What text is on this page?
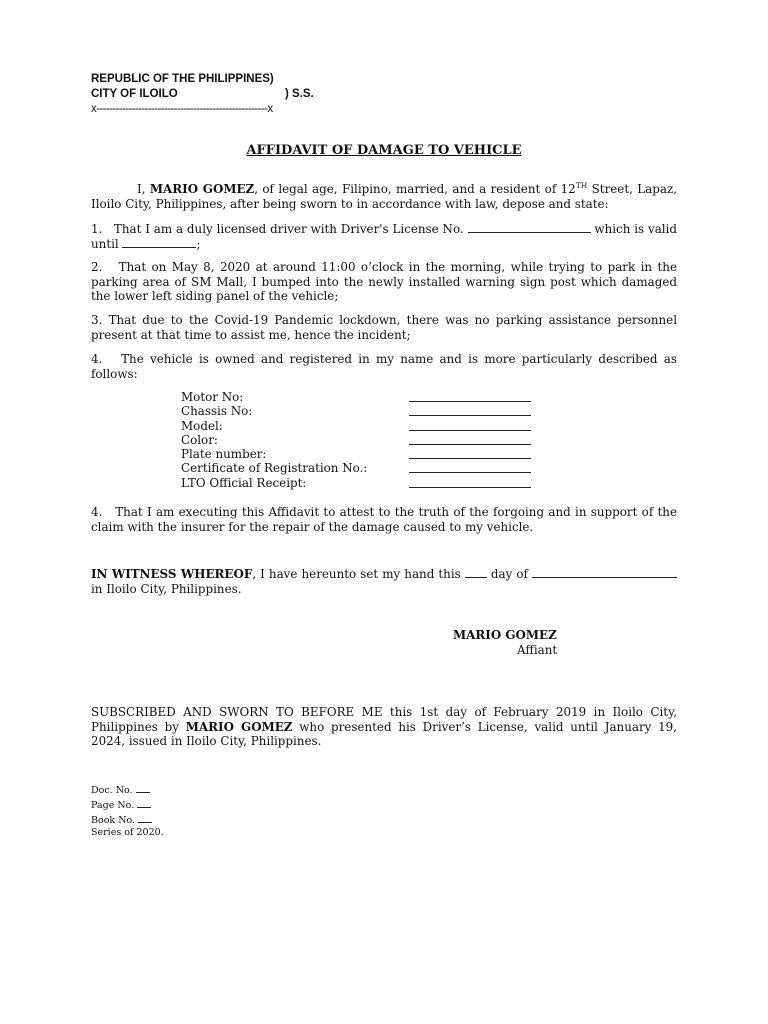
REPUBLIC OF THE PHILIPPINES)
CITY OF ILOILO	) S.S.
x-----------------------------------------------------x
AFFIDAVIT OF DAMAGE TO VEHICLE
I, MARIO GOMEZ, of legal age, Filipino, married, and a resident of 12TH Street, Lapaz, Iloilo City, Philippines, after being sworn to in accordance with law, depose and state:
1.   That I am a duly licensed driver with Driver's License No.	which is valid until	;
2.   That on May 8, 2020 at around 11:00 o’clock in the morning, while trying to park in the parking area of SM Mall, I bumped into the newly installed warning sign post which damaged the lower left siding panel of the vehicle;
3. That due to the Covid-19 Pandemic lockdown, there was no parking assistance personnel present at that time to assist me, hence the incident;
4.   The vehicle is owned and registered in my name and is more particularly described as follows:
Motor No:
Chassis No:
Model:
Color:
Plate number:
Certificate of Registration No.:
LTO Official Receipt:
4.   That I am executing this Affidavit to attest to the truth of the forgoing and in support of the claim with the insurer for the repair of the damage caused to my vehicle.
IN WITNESS WHEREOF, I have hereunto set my hand this	day of  in Iloilo City, Philippines.
MARIO GOMEZ
Affiant
SUBSCRIBED AND SWORN TO BEFORE ME this 1st day of February 2019 in Iloilo City, Philippines by MARIO GOMEZ who presented his Driver’s License, valid until January 19, 2024, issued in Iloilo City, Philippines.
Doc. No.
Page No.
Book No.
Series of 2020.
